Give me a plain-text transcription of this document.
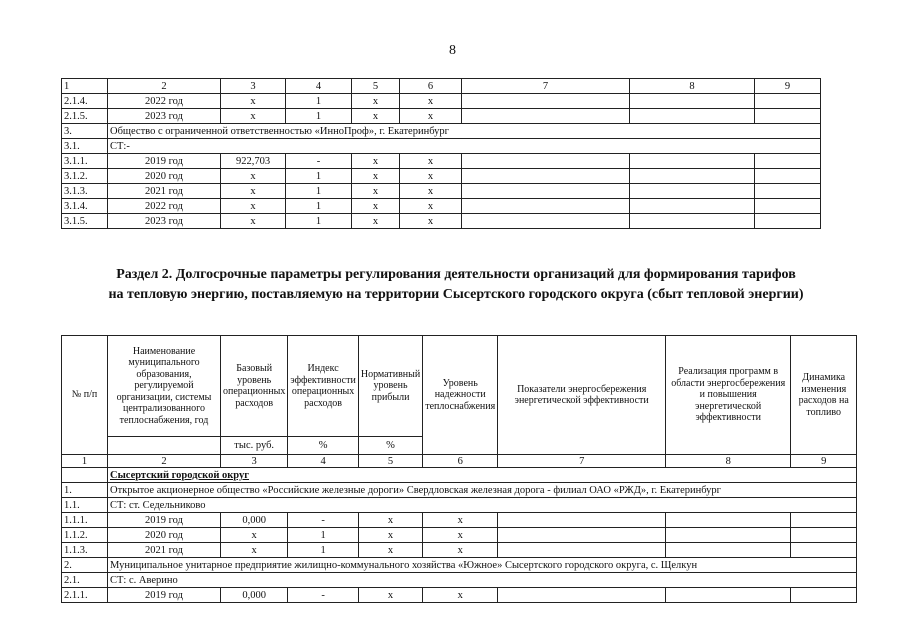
8
1	2	3	4	5	6	7	8	9
2.1.4.	2022 год	х	1	х	х			
2.1.5.	2023 год	х	1	х	х			
3.	Общество с ограниченной ответственностью «ИнноПроф», г. Екатеринбург							
3.1.	СТ:-							
3.1.1.	2019 год	922,703	-	х	х			
3.1.2.	2020 год	х	1	х	х			
3.1.3.	2021 год	х	1	х	х			
3.1.4.	2022 год	х	1	х	х			
3.1.5.	2023 год	х	1	х	х			
Раздел 2. Долгосрочные параметры регулирования деятельности организаций для формирования тарифов
на тепловую энергию, поставляемую на территории Сысертского городского округа (сбыт тепловой энергии)
№ п/п	Наименование муниципального образования, регулируемой организации, системы централизованного теплоснабжения, год	Базовый уровень операционных расходов	Индекс эффективности операционных расходов	Нормативный уровень прибыли	Уровень надежности теплоснабжения	Показатели энергосбережения энергетической эффективности	Реализация программ в области энергосбережения и повышения энергетической эффективности	Динамика изменения расходов на топливо
		тыс. руб.	%	%				
1	2	3	4	5	6	7	8	9
	Сысертский городской округ							
1.	Открытое акционерное общество «Российские железные дороги» Свердловская железная дорога - филиал ОАО «РЖД», г. Екатеринбург							
1.1.	СТ: ст. Седельниково							
1.1.1.	2019 год	0,000	-	х	х			
1.1.2.	2020 год	х	1	х	х			
1.1.3.	2021 год	х	1	х	х			
2.	Муниципальное унитарное предприятие жилищно-коммунального хозяйства «Южное» Сысертского городского округа, с. Щелкун							
2.1.	СТ: с. Аверино							
2.1.1.	2019 год	0,000	-	х	х			
